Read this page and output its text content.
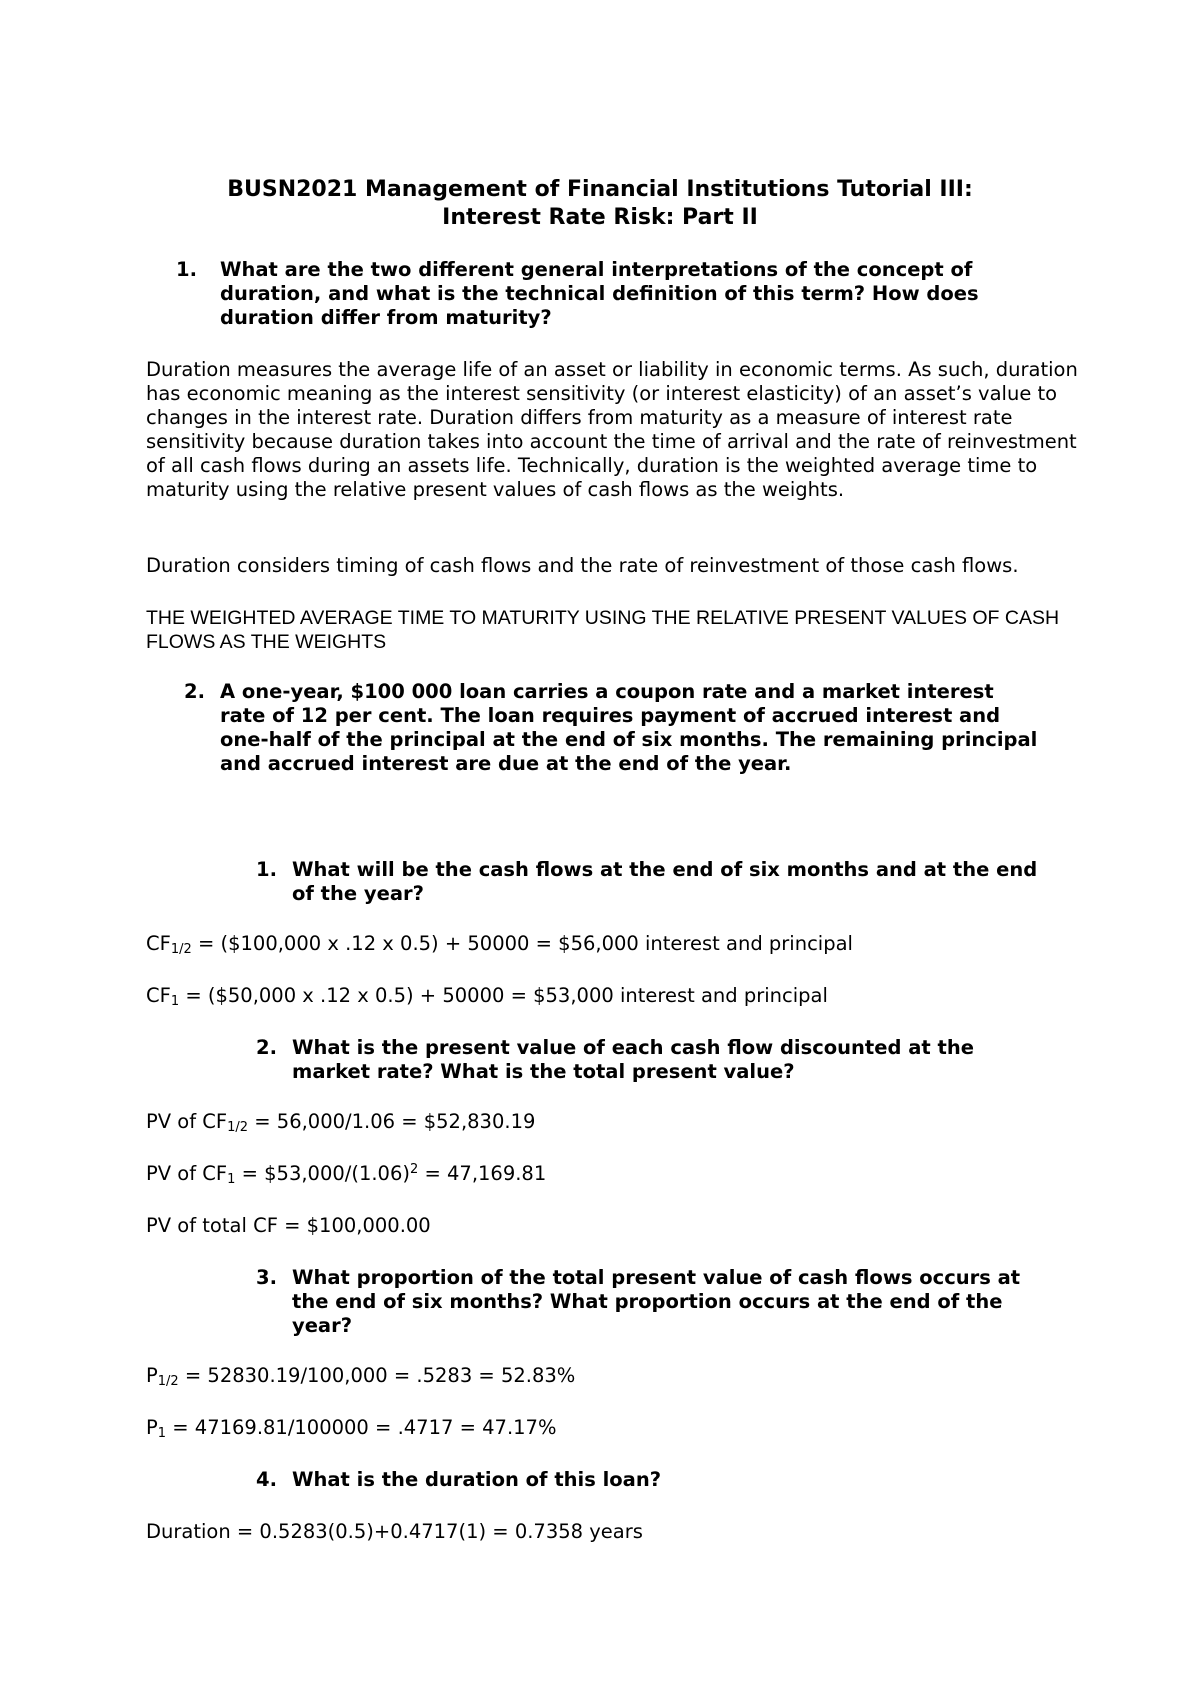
BUSN2021 Management of Financial Institutions Tutorial III:
Interest Rate Risk: Part II
1. What are the two different general interpretations of the concept of duration, and what is the technical definition of this term? How does duration differ from maturity?
Duration measures the average life of an asset or liability in economic terms. As such, duration has economic meaning as the interest sensitivity (or interest elasticity) of an asset’s value to changes in the interest rate. Duration differs from maturity as a measure of interest rate sensitivity because duration takes into account the time of arrival and the rate of reinvestment of all cash flows during an assets life. Technically, duration is the weighted average time to maturity using the relative present values of cash flows as the weights.
Duration considers timing of cash flows and the rate of reinvestment of those cash flows.
THE WEIGHTED AVERAGE TIME TO MATURITY USING THE RELATIVE PRESENT VALUES OF CASH FLOWS AS THE WEIGHTS
2. A one-year, $100 000 loan carries a coupon rate and a market interest rate of 12 per cent. The loan requires payment of accrued interest and one-half of the principal at the end of six months. The remaining principal and accrued interest are due at the end of the year.
1. What will be the cash flows at the end of six months and at the end of the year?
$CF_{1/2}$ = ($100,000 x .12 x 0.5) + 50000 = $56,000 interest and principal
$CF_1$ = ($50,000 x .12 x 0.5) + 50000 = $53,000 interest and principal
2. What is the present value of each cash flow discounted at the market rate? What is the total present value?
PV of $CF_{1/2} = 56,000/1.06$ = $52,830.19
PV of $CF_1$ = $\$53,000/(1.06)^2 = 47,169.81$
PV of total CF = $100,000.00
3. What proportion of the total present value of cash flows occurs at the end of six months? What proportion occurs at the end of the year?
$P_{1/2} = 52830.19/100,000 = .5283 = 52.83\%$
$P_1 = 47169.81/100000 = .4717 = 47.17\%$
4. What is the duration of this loan?
Duration = 0.5283(0.5)+0.4717(1) = 0.7358 years
